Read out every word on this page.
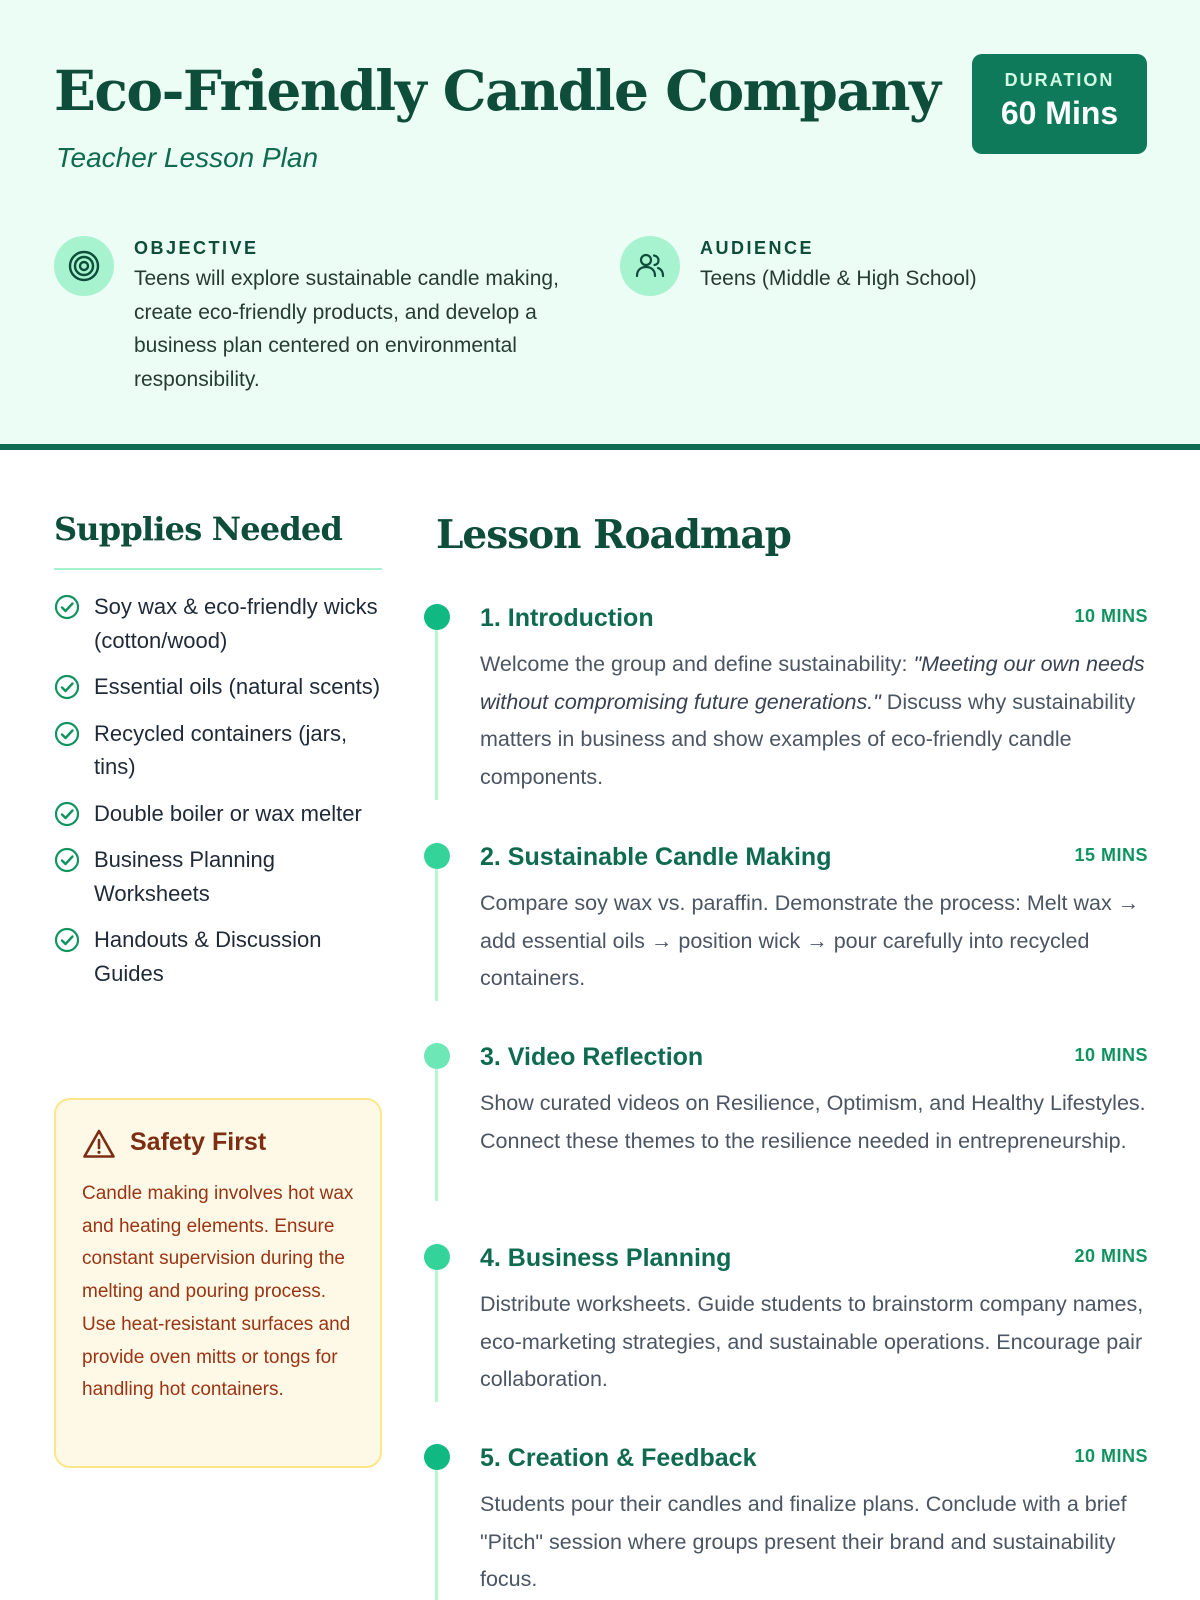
Eco-Friendly Candle Company
Teacher Lesson Plan
DURATION
60 Mins
OBJECTIVE
Teens will explore sustainable candle making, create eco-friendly products, and develop a business plan centered on environmental responsibility.
AUDIENCE
Teens (Middle & High School)
Supplies Needed
Soy wax & eco-friendly wicks (cotton/wood)
Essential oils (natural scents)
Recycled containers (jars, tins)
Double boiler or wax melter
Business Planning Worksheets
Handouts & Discussion Guides
Safety First
Candle making involves hot wax and heating elements. Ensure constant supervision during the melting and pouring process. Use heat-resistant surfaces and provide oven mitts or tongs for handling hot containers.
Lesson Roadmap
1. Introduction	10 MINS
Welcome the group and define sustainability: "Meeting our own needs without compromising future generations." Discuss why sustainability matters in business and show examples of eco-friendly candle components.
2. Sustainable Candle Making	15 MINS
Compare soy wax vs. paraffin. Demonstrate the process: Melt wax → add essential oils → position wick → pour carefully into recycled containers.
3. Video Reflection	10 MINS
Show curated videos on Resilience, Optimism, and Healthy Lifestyles. Connect these themes to the resilience needed in entrepreneurship.
4. Business Planning	20 MINS
Distribute worksheets. Guide students to brainstorm company names, eco-marketing strategies, and sustainable operations. Encourage pair collaboration.
5. Creation & Feedback	10 MINS
Students pour their candles and finalize plans. Conclude with a brief "Pitch" session where groups present their brand and sustainability focus.
